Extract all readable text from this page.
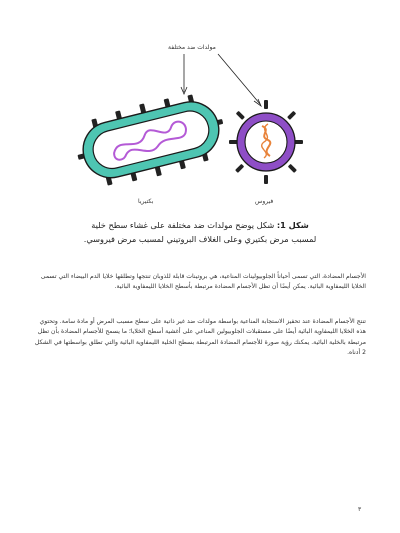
مولدات ضد مختلفة
بكتيريا	فيروس
شكل 1: شكل يوضح مولدات ضد مختلفة على غشاء سطح خلية
لمسبب مرض بكتيري وعلى الغلاف البروتيني لمسبب مرض فيروسي.

الأجسام المضادة، التي تسمى أحياناً الجلوبيولينات المناعية، هي بروتينات قابلة للذوبان تنتجها وتطلقها خلايا الدم البيضاء التي تسمى الخلايا الليمفاوية البائية. يمكن أيضًا أن تظل الأجسام المضادة مرتبطة بأسطح الخلايا الليمفاوية البائية.

تنتج الأجسام المضادة عند تحفيز الاستجابة المناعية بواسطة مولدات ضد غير ذاتية على سطح مسبب المرض أو مادة سامة. وتحتوي هذه الخلايا الليمفاوية البائية أيضًا على مستقبلات الجلوبيولين المناعي على أغشية أسطح الخلايا؛ ما يسمح للأجسام المضادة بأن تظل مرتبطة بالخلية البائية. يمكنك رؤية صورة للأجسام المضادة المرتبطة بسطح الخلية الليمفاوية البائية والتي تطلق بواسطتها في الشكل 2 أدناه.

٣
